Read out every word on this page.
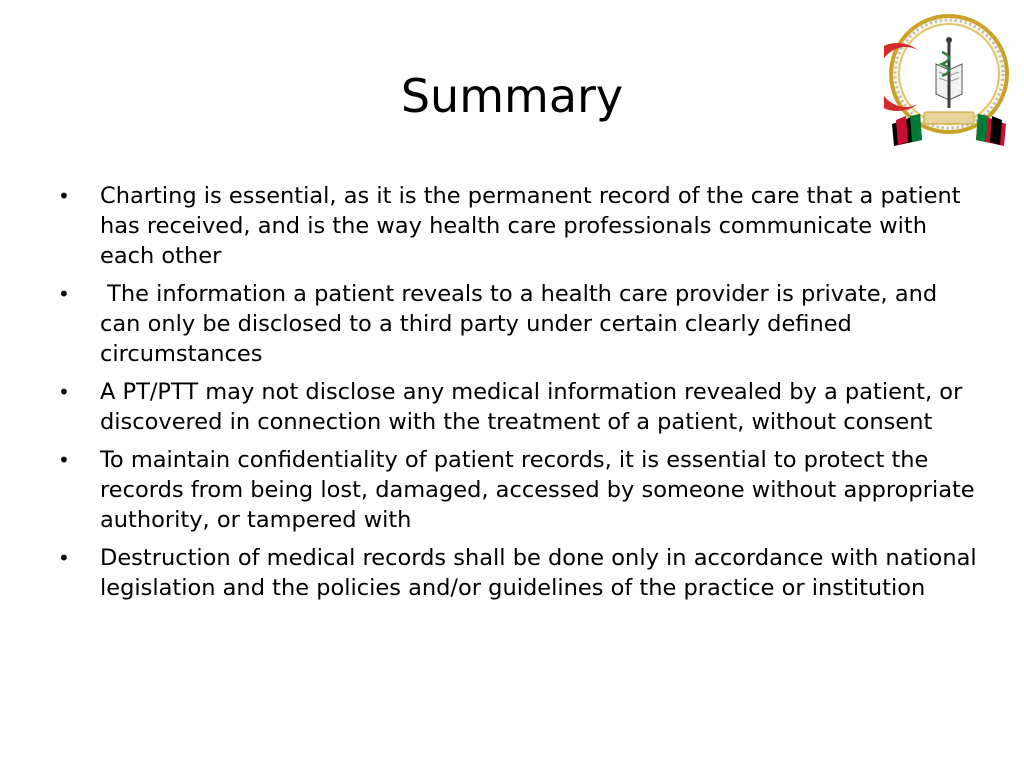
Summary
•	Charting is essential, as it is the permanent record of the care that a patient has received, and is the way health care professionals communicate with each other
•	The information a patient reveals to a health care provider is private, and can only be disclosed to a third party under certain clearly defined circumstances
•	A PT/PTT may not disclose any medical information revealed by a patient, or discovered in connection with the treatment of a patient, without consent
•	To maintain confidentiality of patient records, it is essential to protect the records from being lost, damaged, accessed by someone without appropriate authority, or tampered with
•	Destruction of medical records shall be done only in accordance with national legislation and the policies and/or guidelines of the practice or institution
